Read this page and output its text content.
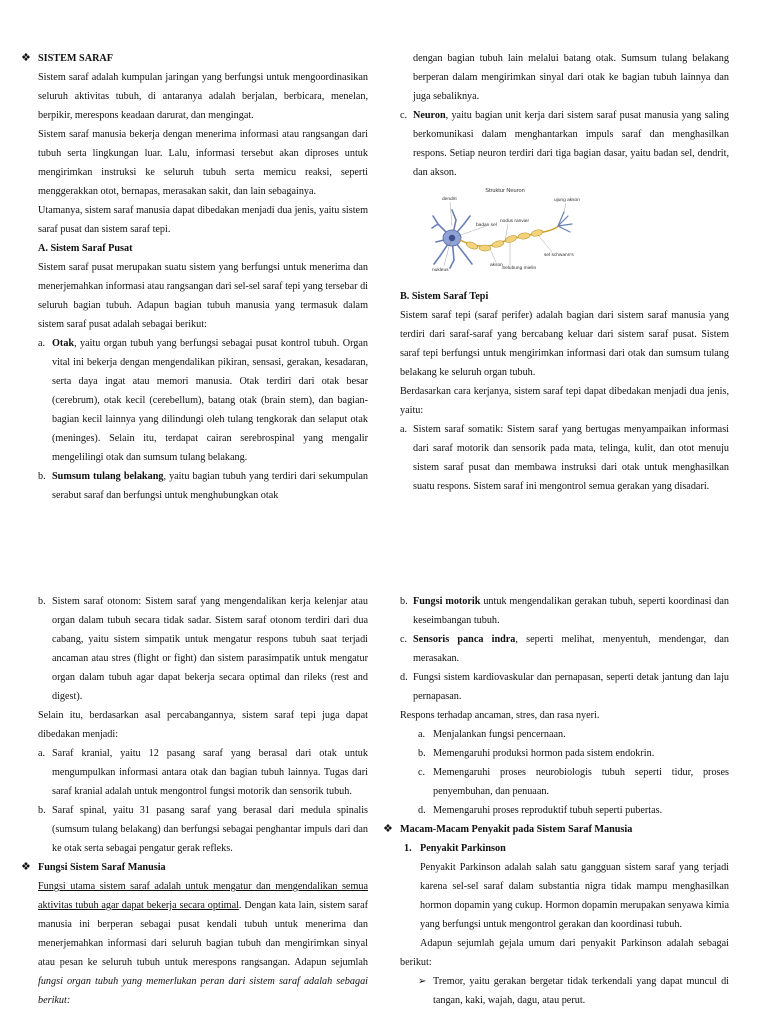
❖ SISTEM SARAF

Sistem saraf adalah kumpulan jaringan yang berfungsi untuk mengoordinasikan seluruh aktivitas tubuh, di antaranya adalah berjalan, berbicara, menelan, berpikir, merespons keadaan darurat, dan mengingat.

Sistem saraf manusia bekerja dengan menerima informasi atau rangsangan dari tubuh serta lingkungan luar. Lalu, informasi tersebut akan diproses untuk mengirimkan instruksi ke seluruh tubuh serta memicu reaksi, seperti menggerakkan otot, bernapas, merasakan sakit, dan lain sebagainya.

Utamanya, sistem saraf manusia dapat dibedakan menjadi dua jenis, yaitu sistem saraf pusat dan sistem saraf tepi.

A. Sistem Saraf Pusat

Sistem saraf pusat merupakan suatu sistem yang berfungsi untuk menerima dan menerjemahkan informasi atau rangsangan dari sel-sel saraf tepi yang tersebar di seluruh bagian tubuh. Adapun bagian tubuh manusia yang termasuk dalam sistem saraf pusat adalah sebagai berikut:

a. Otak, yaitu organ tubuh yang berfungsi sebagai pusat kontrol tubuh. Organ vital ini bekerja dengan mengendalikan pikiran, sensasi, gerakan, kesadaran, serta daya ingat atau memori manusia. Otak terdiri dari otak besar (cerebrum), otak kecil (cerebellum), batang otak (brain stem), dan bagian-bagian kecil lainnya yang dilindungi oleh tulang tengkorak dan selaput otak (meninges). Selain itu, terdapat cairan serebrospinal yang mengalir mengelilingi otak dan sumsum tulang belakang.
b. Sumsum tulang belakang, yaitu bagian tubuh yang terdiri dari sekumpulan serabut saraf dan berfungsi untuk menghubungkan otak

dengan bagian tubuh lain melalui batang otak. Sumsum tulang belakang berperan dalam mengirimkan sinyal dari otak ke bagian tubuh lainnya dan juga sebaliknya.

c. Neuron, yaitu bagian unit kerja dari sistem saraf pusat manusia yang saling berkomunikasi dalam menghantarkan impuls saraf dan menghasilkan respons. Setiap neuron terdiri dari tiga bagian dasar, yaitu badan sel, dendrit, dan akson.
Struktur Neuron
dendrit	ujung akson
badan sel
nodus ranvier
sel schwann's
nukleus
akson
Selubung mielin

B. Sistem Saraf Tepi

Sistem saraf tepi (saraf perifer) adalah bagian dari sistem saraf manusia yang terdiri dari saraf-saraf yang bercabang keluar dari sistem saraf pusat. Sistem saraf tepi berfungsi untuk mengirimkan informasi dari otak dan sumsum tulang belakang ke seluruh organ tubuh.

Berdasarkan cara kerjanya, sistem saraf tepi dapat dibedakan menjadi dua jenis, yaitu:

a. Sistem saraf somatik: Sistem saraf yang bertugas menyampaikan informasi dari saraf motorik dan sensorik pada mata, telinga, kulit, dan otot menuju sistem saraf pusat dan membawa instruksi dari otak untuk menghasilkan suatu respons. Sistem saraf ini mengontrol semua gerakan yang disadari.
b. Sistem saraf otonom: Sistem saraf yang mengendalikan kerja kelenjar atau organ dalam tubuh secara tidak sadar. Sistem saraf otonom terdiri dari dua cabang, yaitu sistem simpatik untuk mengatur respons tubuh saat terjadi ancaman atau stres (flight or fight) dan sistem parasimpatik untuk mengatur organ dalam tubuh agar dapat bekerja secara optimal dan rileks (rest and digest).

Selain itu, berdasarkan asal percabangannya, sistem saraf tepi juga dapat dibedakan menjadi:

a. Saraf kranial, yaitu 12 pasang saraf yang berasal dari otak untuk mengumpulkan informasi antara otak dan bagian tubuh lainnya. Tugas dari saraf kranial adalah untuk mengontrol fungsi motorik dan sensorik tubuh.
b. Saraf spinal, yaitu 31 pasang saraf yang berasal dari medula spinalis (sumsum tulang belakang) dan berfungsi sebagai penghantar impuls dari dan ke otak serta sebagai pengatur gerak refleks.
❖ Fungsi Sistem Saraf Manusia

Fungsi utama sistem saraf adalah untuk mengatur dan mengendalikan semua aktivitas tubuh agar dapat bekerja secara optimal. Dengan kata lain, sistem saraf manusia ini berperan sebagai pusat kendali tubuh untuk menerima dan menerjemahkan informasi dari seluruh bagian tubuh dan mengirimkan sinyal atau pesan ke seluruh tubuh untuk merespons rangsangan. Adapun sejumlah fungsi organ tubuh yang memerlukan peran dari sistem saraf adalah sebagai berikut:

b. Fungsi motorik untuk mengendalikan gerakan tubuh, seperti koordinasi dan keseimbangan tubuh.
c. Sensoris panca indra, seperti melihat, menyentuh, mendengar, dan merasakan.
d. Fungsi sistem kardiovaskular dan pernapasan, seperti detak jantung dan laju pernapasan.

Respons terhadap ancaman, stres, dan rasa nyeri.

a. Menjalankan fungsi pencernaan.
b. Memengaruhi produksi hormon pada sistem endokrin.
c. Memengaruhi proses neurobiologis tubuh seperti tidur, proses penyembuhan, dan penuaan.
d. Memengaruhi proses reproduktif tubuh seperti pubertas.
❖ Macam-Macam Penyakit pada Sistem Saraf Manusia
1. Penyakit Parkinson

Penyakit Parkinson adalah salah satu gangguan sistem saraf yang terjadi karena sel-sel saraf dalam substantia nigra tidak mampu menghasilkan hormon dopamin yang cukup. Hormon dopamin merupakan senyawa kimia yang berfungsi untuk mengontrol gerakan dan koordinasi tubuh.

Adapun sejumlah gejala umum dari penyakit Parkinson adalah sebagai berikut:

➢ Tremor, yaitu gerakan bergetar tidak terkendali yang dapat muncul di tangan, kaki, wajah, dagu, atau perut.
